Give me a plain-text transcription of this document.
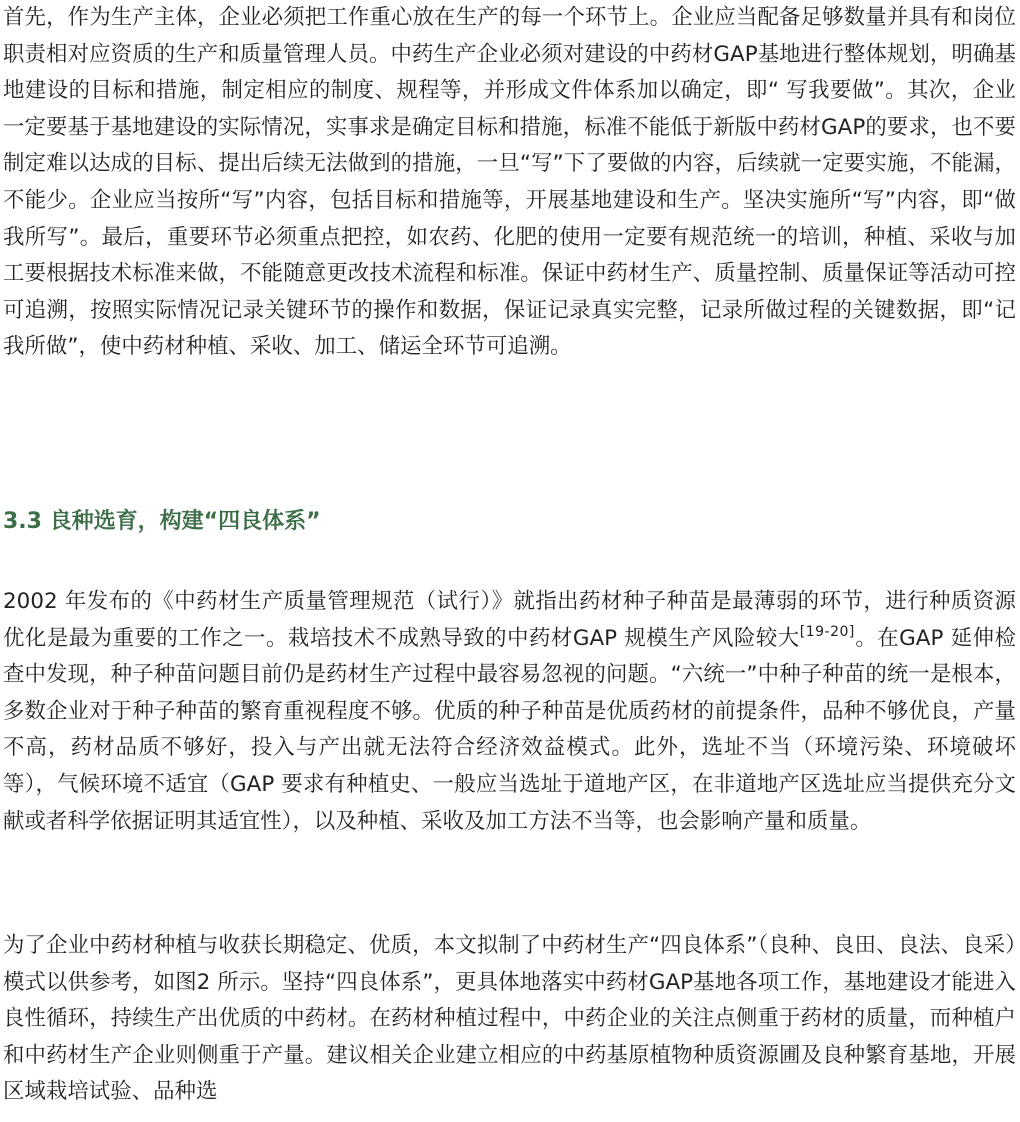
首先，作为生产主体，企业必须把工作重心放在生产的每一个环节上。企业应当配备足够数量并具有和岗位职责相对应资质的生产和质量管理人员。中药生产企业必须对建设的中药材GAP基地进行整体规划，明确基地建设的目标和措施，制定相应的制度、规程等，并形成文件体系加以确定，即“ 写我要做”。其次，企业一定要基于基地建设的实际情况，实事求是确定目标和措施，标准不能低于新版中药材GAP的要求，也不要制定难以达成的目标、提出后续无法做到的措施，一旦“写”下了要做的内容，后续就一定要实施，不能漏，不能少。企业应当按所“写”内容，包括目标和措施等，开展基地建设和生产。坚决实施所“写”内容，即“做我所写”。最后，重要环节必须重点把控，如农药、化肥的使用一定要有规范统一的培训，种植、采收与加工要根据技术标准来做，不能随意更改技术流程和标准。保证中药材生产、质量控制、质量保证等活动可控可追溯，按照实际情况记录关键环节的操作和数据，保证记录真实完整，记录所做过程的关键数据，即“记我所做”，使中药材种植、采收、加工、储运全环节可追溯。

3.3 良种选育，构建“四良体系”

2002 年发布的《中药材生产质量管理规范（试行）》就指出药材种子种苗是最薄弱的环节，进行种质资源优化是最为重要的工作之一。栽培技术不成熟导致的中药材GAP 规模生产风险较大[19-20]。在GAP 延伸检查中发现，种子种苗问题目前仍是药材生产过程中最容易忽视的问题。“六统一”中种子种苗的统一是根本，多数企业对于种子种苗的繁育重视程度不够。优质的种子种苗是优质药材的前提条件，品种不够优良，产量不高，药材品质不够好，投入与产出就无法符合经济效益模式。此外，选址不当（环境污染、环境破坏等），气候环境不适宜（GAP 要求有种植史、一般应当选址于道地产区，在非道地产区选址应当提供充分文献或者科学依据证明其适宜性），以及种植、采收及加工方法不当等，也会影响产量和质量。

为了企业中药材种植与收获长期稳定、优质，本文拟制了中药材生产“四良体系”（良种、良田、良法、良采）模式以供参考，如图2 所示。坚持“四良体系”，更具体地落实中药材GAP基地各项工作，基地建设才能进入良性循环，持续生产出优质的中药材。在药材种植过程中，中药企业的关注点侧重于药材的质量，而种植户和中药材生产企业则侧重于产量。建议相关企业建立相应的中药基原植物种质资源圃及良种繁育基地，开展区域栽培试验、品种选
